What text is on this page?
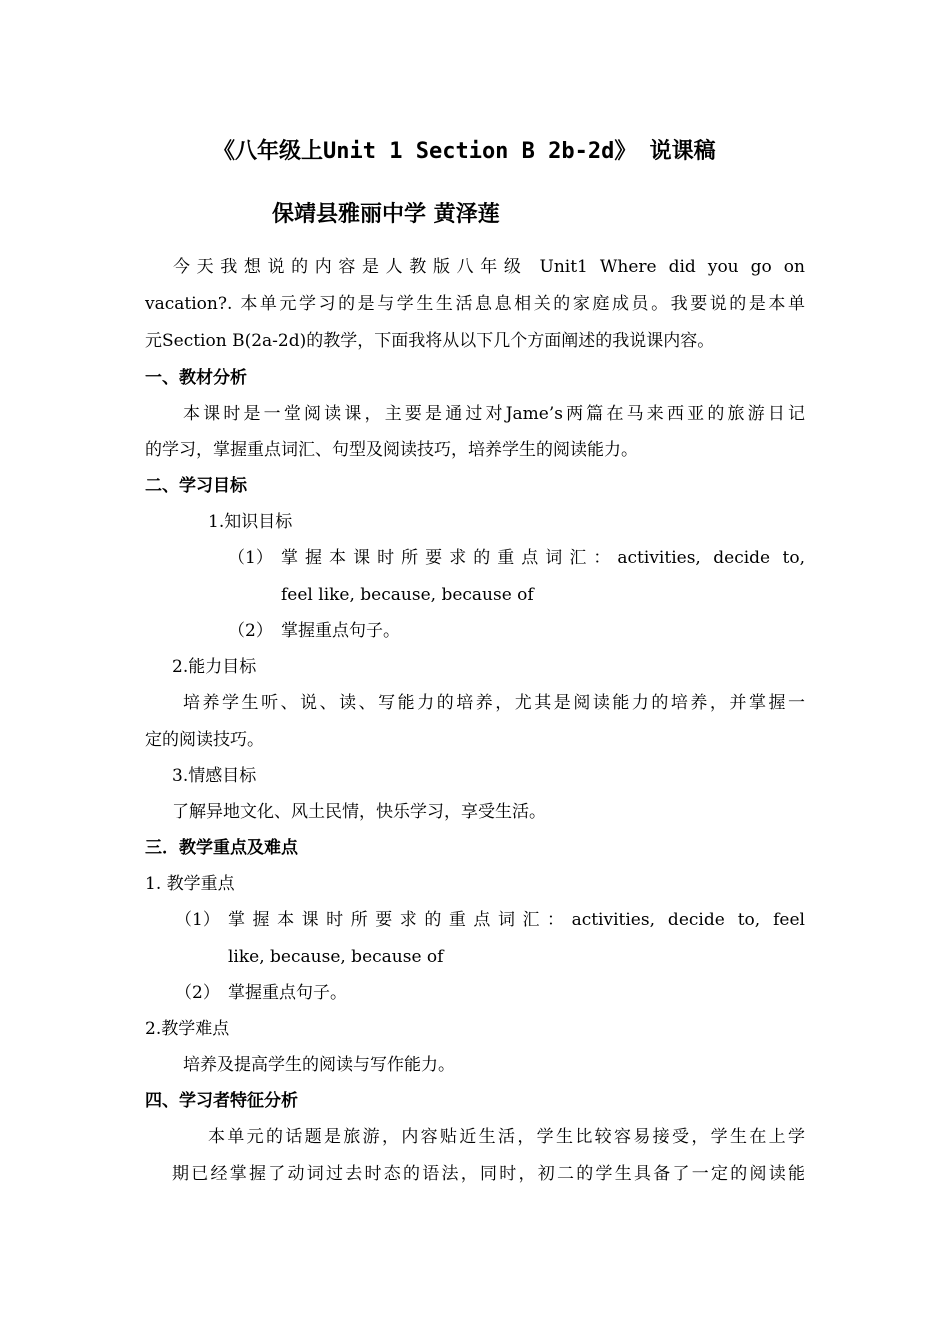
《八年级上Unit 1 Section B 2b-2d》 说课稿
保靖县雅丽中学 黄泽莲
今天我想说的内容是人教版八年级 Unit1 Where did you go on
vacation?. 本单元学习的是与学生生活息息相关的家庭成员。我要说的是本单
元Section B(2a-2d)的教学，下面我将从以下几个方面阐述的我说课内容。
一、教材分析
本课时是一堂阅读课，主要是通过对Jame’s两篇在马来西亚的旅游日记
的学习，掌握重点词汇、句型及阅读技巧，培养学生的阅读能力。
二、学习目标
1.知识目标
（1） 掌握本课时所要求的重点词汇：activities, decide to,
feel like, because, because of
（2） 掌握重点句子。
2.能力目标
培养学生听、说、读、写能力的培养，尤其是阅读能力的培养，并掌握一
定的阅读技巧。
3.情感目标
了解异地文化、风土民情，快乐学习，享受生活。
三．教学重点及难点
1. 教学重点
（1） 掌握本课时所要求的重点词汇：activities, decide to, feel
like, because, because of
（2） 掌握重点句子。
2.教学难点
培养及提高学生的阅读与写作能力。
四、学习者特征分析
本单元的话题是旅游，内容贴近生活，学生比较容易接受，学生在上学
期已经掌握了动词过去时态的语法，同时，初二的学生具备了一定的阅读能
